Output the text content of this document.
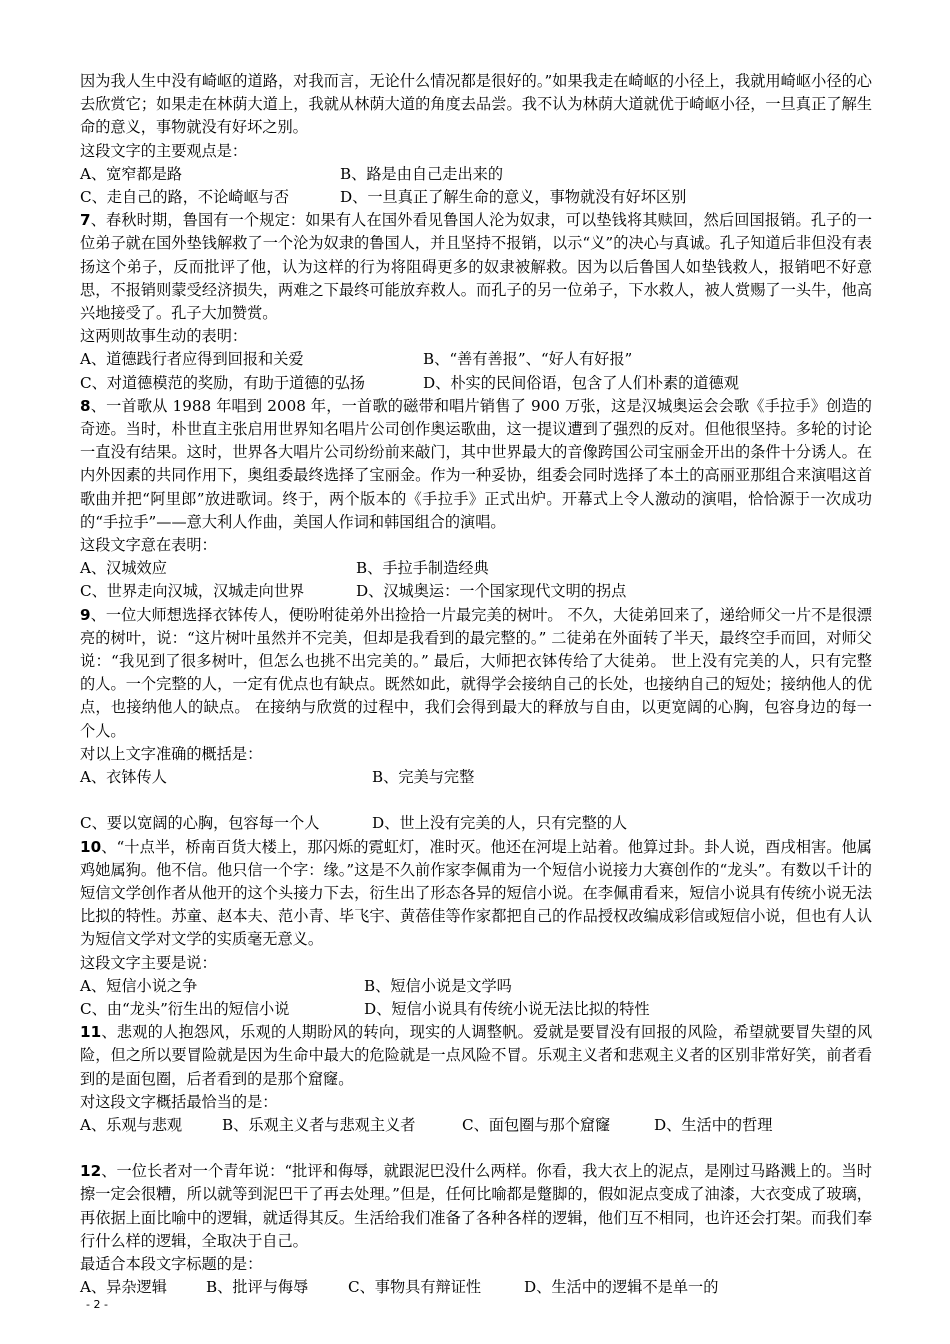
因为我人生中没有崎岖的道路，对我而言，无论什么情况都是很好的。”如果我走在崎岖的小径上，我就用崎岖小径的心去欣赏它；如果走在林荫大道上，我就从林荫大道的角度去品尝。我不认为林荫大道就优于崎岖小径，一旦真正了解生命的意义，事物就没有好坏之别。

这段文字的主要观点是：

A、宽窄都是路	B、路是由自己走出来的
C、走自己的路，不论崎岖与否	D、一旦真正了解生命的意义，事物就没有好坏区别

7、春秋时期，鲁国有一个规定：如果有人在国外看见鲁国人沦为奴隶，可以垫钱将其赎回，然后回国报销。孔子的一位弟子就在国外垫钱解救了一个沦为奴隶的鲁国人，并且坚持不报销，以示“义”的决心与真诚。孔子知道后非但没有表扬这个弟子，反而批评了他，认为这样的行为将阻碍更多的奴隶被解救。因为以后鲁国人如垫钱救人，报销吧不好意思，不报销则蒙受经济损失，两难之下最终可能放弃救人。而孔子的另一位弟子，下水救人，被人赏赐了一头牛，他高兴地接受了。孔子大加赞赏。

这两则故事生动的表明：

A、道德践行者应得到回报和关爱	B、“善有善报”、“好人有好报”
C、对道德模范的奖励，有助于道德的弘扬	D、朴实的民间俗语，包含了人们朴素的道德观

8、一首歌从 1988 年唱到 2008 年，一首歌的磁带和唱片销售了 900 万张，这是汉城奥运会会歌《手拉手》创造的奇迹。当时，朴世直主张启用世界知名唱片公司创作奥运歌曲，这一提议遭到了强烈的反对。但他很坚持。多轮的讨论一直没有结果。这时，世界各大唱片公司纷纷前来敲门，其中世界最大的音像跨国公司宝丽金开出的条件十分诱人。在内外因素的共同作用下，奥组委最终选择了宝丽金。作为一种妥协，组委会同时选择了本土的高丽亚那组合来演唱这首歌曲并把“阿里郎”放进歌词。终于，两个版本的《手拉手》正式出炉。开幕式上令人激动的演唱，恰恰源于一次成功的“手拉手”——意大利人作曲，美国人作词和韩国组合的演唱。

这段文字意在表明：

A、汉城效应	B、手拉手制造经典
C、世界走向汉城，汉城走向世界	D、汉城奥运：一个国家现代文明的拐点

9、一位大师想选择衣钵传人，便吩咐徒弟外出捡拾一片最完美的树叶。 不久，大徒弟回来了，递给师父一片不是很漂亮的树叶，说：“这片树叶虽然并不完美，但却是我看到的最完整的。” 二徒弟在外面转了半天，最终空手而回，对师父说：“我见到了很多树叶，但怎么也挑不出完美的。” 最后，大师把衣钵传给了大徒弟。 世上没有完美的人，只有完整的人。一个完整的人，一定有优点也有缺点。既然如此，就得学会接纳自己的长处，也接纳自己的短处；接纳他人的优点，也接纳他人的缺点。 在接纳与欣赏的过程中，我们会得到最大的释放与自由，以更宽阔的心胸，包容身边的每一个人。

对以上文字准确的概括是：

A、衣钵传人	B、完美与完整
C、要以宽阔的心胸，包容每一个人	D、世上没有完美的人，只有完整的人

10、“十点半，桥南百货大楼上，那闪烁的霓虹灯，准时灭。他还在河堤上站着。他算过卦。卦人说，酉戌相害。他属鸡她属狗。他不信。他只信一个字：缘。”这是不久前作家李佩甫为一个短信小说接力大赛创作的“龙头”。有数以千计的短信文学创作者从他开的这个头接力下去，衍生出了形态各异的短信小说。在李佩甫看来，短信小说具有传统小说无法比拟的特性。苏童、赵本夫、范小青、毕飞宇、黄蓓佳等作家都把自己的作品授权改编成彩信或短信小说，但也有人认为短信文学对文学的实质毫无意义。

这段文字主要是说：

A、短信小说之争	B、短信小说是文学吗
C、由“龙头”衍生出的短信小说	D、短信小说具有传统小说无法比拟的特性

11、悲观的人抱怨风，乐观的人期盼风的转向，现实的人调整帆。爱就是要冒没有回报的风险，希望就要冒失望的风险，但之所以要冒险就是因为生命中最大的危险就是一点风险不冒。乐观主义者和悲观主义者的区别非常好笑，前者看到的是面包圈，后者看到的是那个窟窿。

对这段文字概括最恰当的是：

A、乐观与悲观	B、乐观主义者与悲观主义者	C、面包圈与那个窟窿	D、生活中的哲理

12、一位长者对一个青年说：“批评和侮辱，就跟泥巴没什么两样。你看，我大衣上的泥点，是刚过马路溅上的。当时擦一定会很糟，所以就等到泥巴干了再去处理。”但是，任何比喻都是蹩脚的，假如泥点变成了油漆，大衣变成了玻璃，再依据上面比喻中的逻辑，就适得其反。生活给我们准备了各种各样的逻辑，他们互不相同，也许还会打架。而我们奉行什么样的逻辑，全取决于自己。

最适合本段文字标题的是：

A、异杂逻辑	B、批评与侮辱	C、事物具有辩证性	D、生活中的逻辑不是单一的
- 2 -
